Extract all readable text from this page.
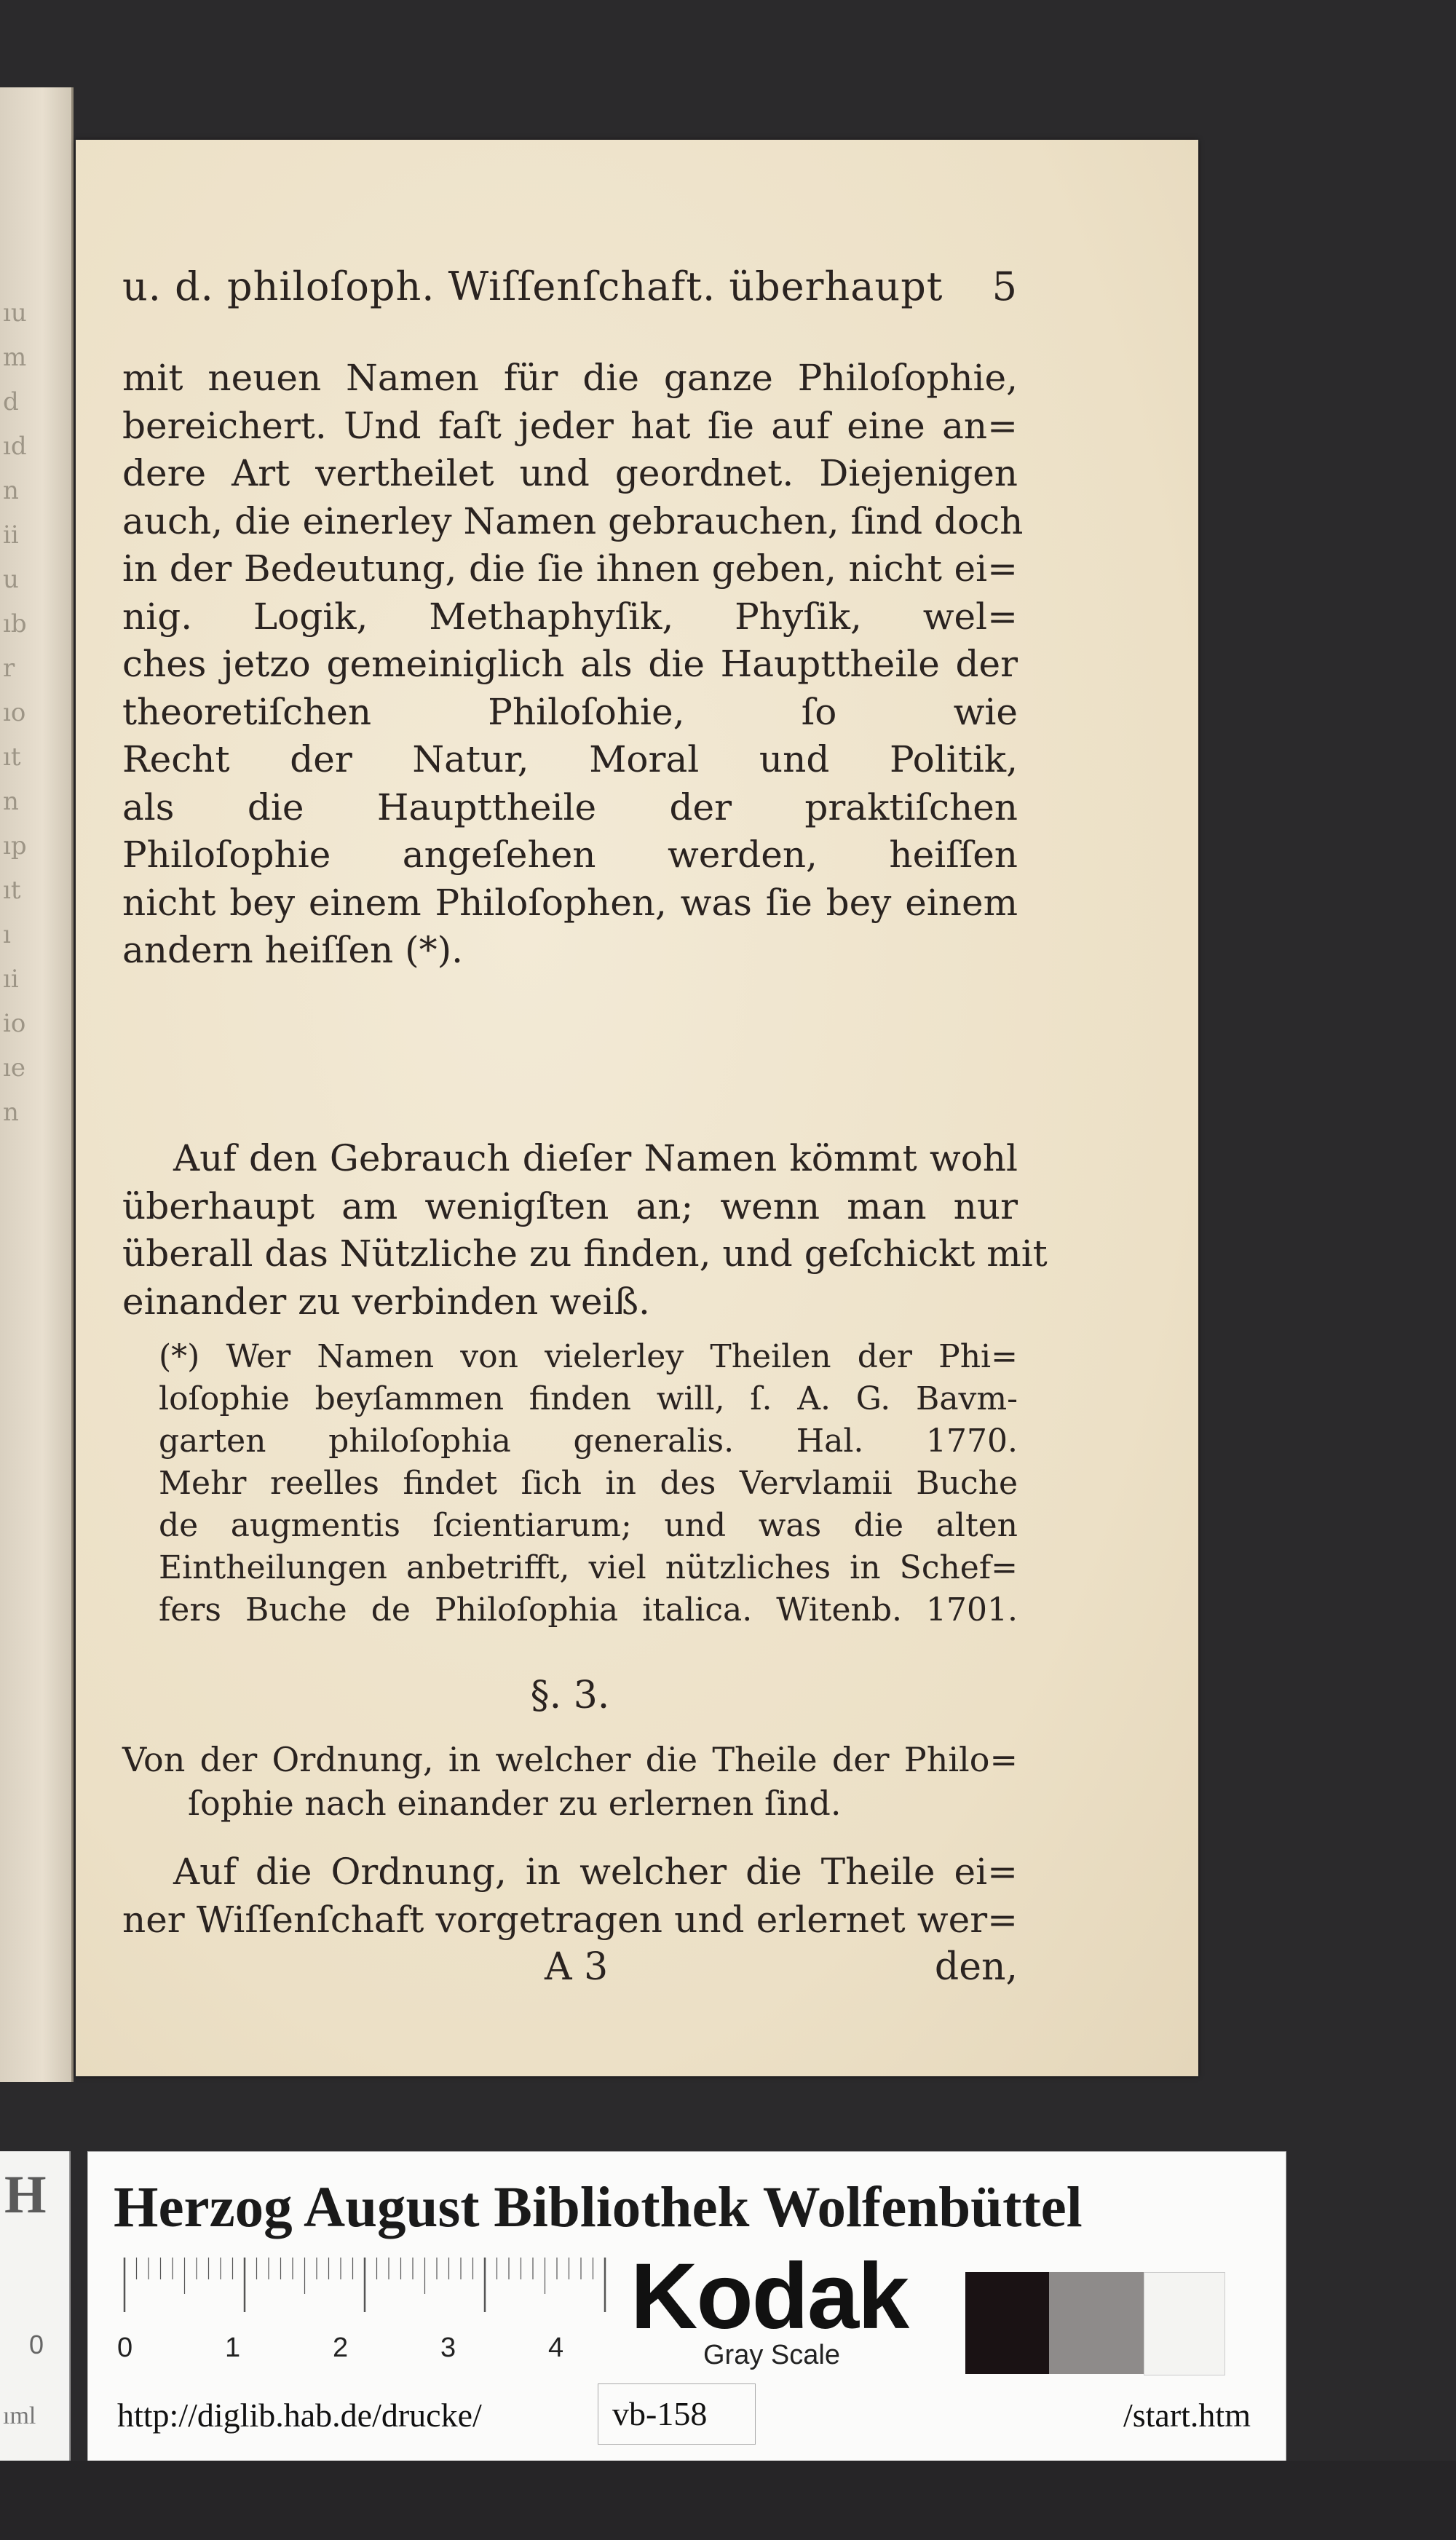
ıu
m
d
ıd
n
ii
u
ıb
r
ıo
ıt
n
ıp
ıt
ı
ıi
io
ıe
n
u. d. philoſoph. Wiſſenſchaft. überhaupt 5
mit neuen Namen für die ganze Philoſophie,
bereichert. Und faſt jeder hat ſie auf eine an=
dere Art vertheilet und geordnet. Diejenigen
auch, die einerley Namen gebrauchen, ſind doch
in der Bedeutung, die ſie ihnen geben, nicht ei=
nig. Logik, Methaphyſik, Phyſik, wel=
ches jetzo gemeiniglich als die Haupttheile der
theoretiſchen Philoſohie, ſo wie
Recht der Natur, Moral und Politik,
als die Haupttheile der praktiſchen
Philoſophie angeſehen werden, heiſſen
nicht bey einem Philoſophen, was ſie bey einem
andern heiſſen (*).
Auf den Gebrauch dieſer Namen kömmt wohl
überhaupt am wenigſten an; wenn man nur
überall das Nützliche zu finden, und geſchickt mit
einander zu verbinden weiß.
(*) Wer Namen von vielerley Theilen der Phi=
loſophie beyſammen finden will, ſ. A. G. Bavm-
garten philoſophia generalis. Hal. 1770.
Mehr reelles findet ſich in des Vervlamii Buche
de augmentis ſcientiarum; und was die alten
Eintheilungen anbetrifft, viel nützliches in Schef=
fers Buche de Philoſophia italica. Witenb. 1701.
§. 3.
Von der Ordnung, in welcher die Theile der Philo=
ſophie nach einander zu erlernen ſind.
Auf die Ordnung, in welcher die Theile ei=
ner Wiſſenſchaft vorgetragen und erlernet wer=
A 3	den,
H
0
ıml
Herzog August Bibliothek Wolfenbüttel
0	1	2	3	4 Kodak
Gray Scale
http://diglib.hab.de/drucke/	vb-158	/start.htm
